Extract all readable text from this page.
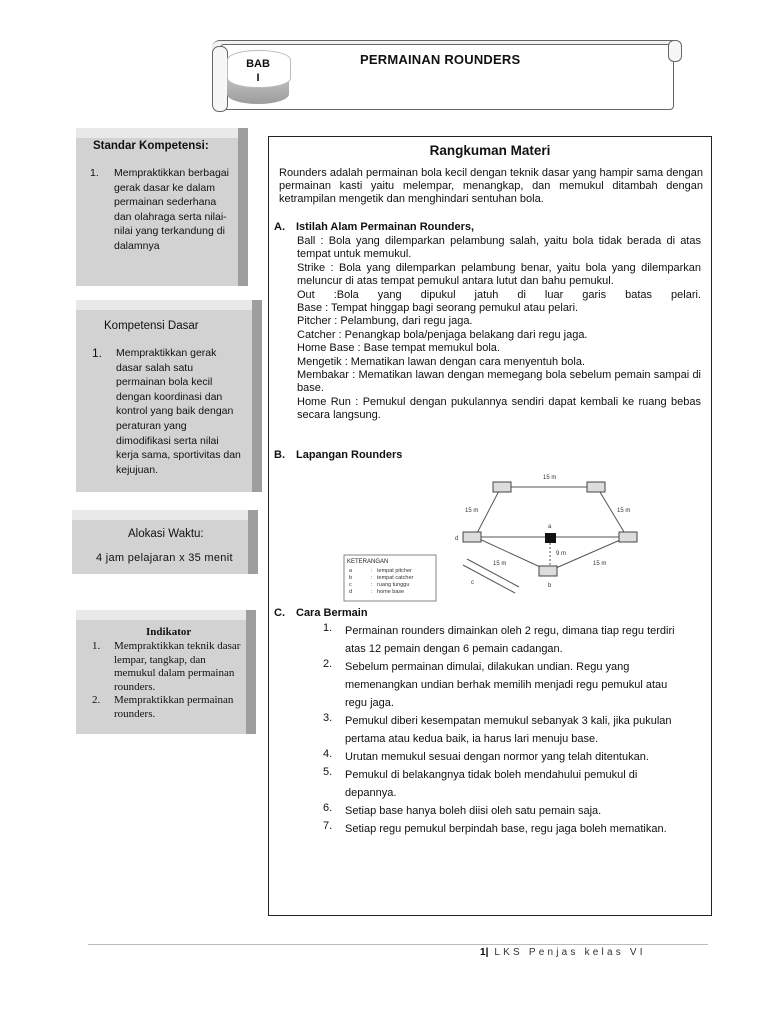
BAB
I
PERMAINAN ROUNDERS
Standar Kompetensi:
1. Mempraktikkan berbagai gerak dasar ke dalam permainan sederhana dan olahraga serta nilai-nilai yang terkandung di dalamnya
Kompetensi Dasar
1. Mempraktikkan gerak dasar salah satu permainan bola kecil dengan koordinasi dan kontrol yang baik dengan peraturan yang dimodifikasi serta nilai kerja sama, sportivitas dan kejujuan.
Alokasi Waktu:
4 jam pelajaran x 35 menit
Indikator
1. Mempraktikkan teknik dasar lempar, tangkap, dan memukul dalam permainan rounders.
2. Mempraktikkan permainan rounders.
Rangkuman Materi
Rounders adalah permainan bola kecil dengan teknik dasar yang hampir sama dengan permainan kasti yaitu melempar, menangkap, dan memukul ditambah dengan ketrampilan mengetik dan menghindari sentuhan bola.
A. Istilah Alam Permainan Rounders,

Ball : Bola yang dilemparkan pelambung salah, yaitu bola tidak berada di atas tempat untuk memukul.

Strike : Bola yang dilemparkan pelambung benar, yaitu bola yang dilemparkan meluncur di atas tempat pemukul antara lutut dan bahu pemukul.

Out :Bola yang dipukul jatuh di luar garis batas pelari.

Base : Tempat hinggap bagi seorang pemukul atau pelari.

Pitcher : Pelambung, dari regu jaga.

Catcher : Penangkap bola/penjaga belakang dari regu jaga.

Home Base : Base tempat memukul bola.

Mengetik : Mematikan lawan dengan cara menyentuh bola.

Membakar : Mematikan lawan dengan memegang bola sebelum pemain sampai di base.

Home Run : Pemukul dengan pukulannya sendiri dapat kembali ke ruang bebas secara langsung.

B. Lapangan Rounders
15 m
15 m	15 m
15 m	15 m
9 m
a
b
c
d
KETERANGAN
a	: tempat pitcher
b	: tempat catcher
c	: ruang tunggu
d	: home base
C. Cara Bermain
1. Permainan rounders dimainkan oleh 2 regu, dimana tiap regu terdiri atas 12 pemain dengan 6 pemain cadangan.
2. Sebelum permainan dimulai, dilakukan undian. Regu yang memenangkan undian berhak memilih menjadi regu pemukul atau regu jaga.
3. Pemukul diberi kesempatan memukul sebanyak 3 kali, jika pukulan pertama atau kedua baik, ia harus lari menuju base.
4. Urutan memukul sesuai dengan normor yang telah ditentukan.
5. Pemukul di belakangnya tidak boleh mendahului pemukul di depannya.
6. Setiap base hanya boleh diisi oleh satu pemain saja.
7. Setiap regu pemukul berpindah base, regu jaga boleh mematikan.
1| LKS Penjas kelas VI
